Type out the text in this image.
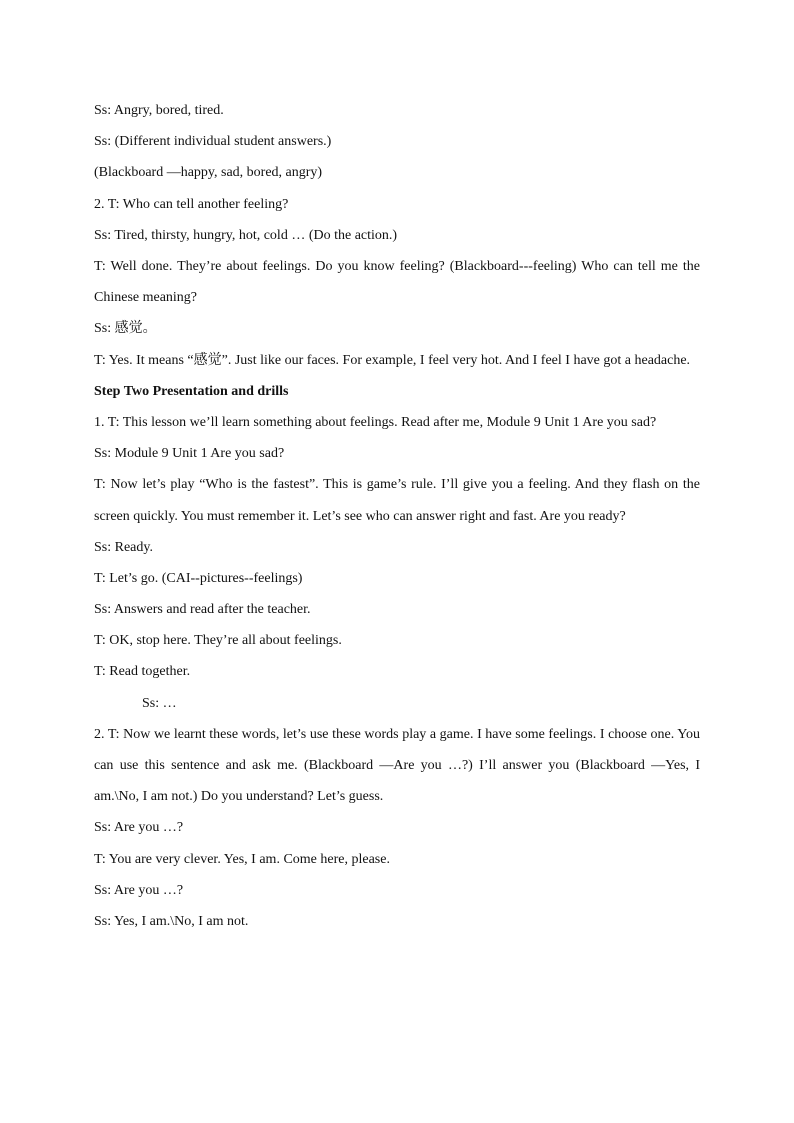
Ss: Angry, bored, tired.

Ss: (Different individual student answers.)

(Blackboard —happy, sad, bored, angry)

2. T: Who can tell another feeling?

Ss: Tired, thirsty, hungry, hot, cold … (Do the action.)

T: Well done. They’re about feelings. Do you know feeling? (Blackboard---feeling) Who can tell me the Chinese meaning?

Ss: 感觉。

T: Yes. It means “感觉”. Just like our faces. For example, I feel very hot. And I feel I have got a headache.

Step Two Presentation and drills

1. T: This lesson we’ll learn something about feelings. Read after me, Module 9 Unit 1 Are you sad?

Ss: Module 9 Unit 1 Are you sad?

T: Now let’s play “Who is the fastest”. This is game’s rule. I’ll give you a feeling. And they flash on the screen quickly. You must remember it. Let’s see who can answer right and fast. Are you ready?

Ss: Ready.

T: Let’s go. (CAI--pictures--feelings)

Ss: Answers and read after the teacher.

T: OK, stop here. They’re all about feelings.

T: Read together.

Ss: …

2. T: Now we learnt these words, let’s use these words play a game. I have some feelings. I choose one. You can use this sentence and ask me. (Blackboard —Are you …?) I’ll answer you (Blackboard —Yes, I am.\No, I am not.) Do you understand? Let’s guess.

Ss: Are you …?

T: You are very clever. Yes, I am. Come here, please.

Ss: Are you …?

Ss: Yes, I am.\No, I am not.
